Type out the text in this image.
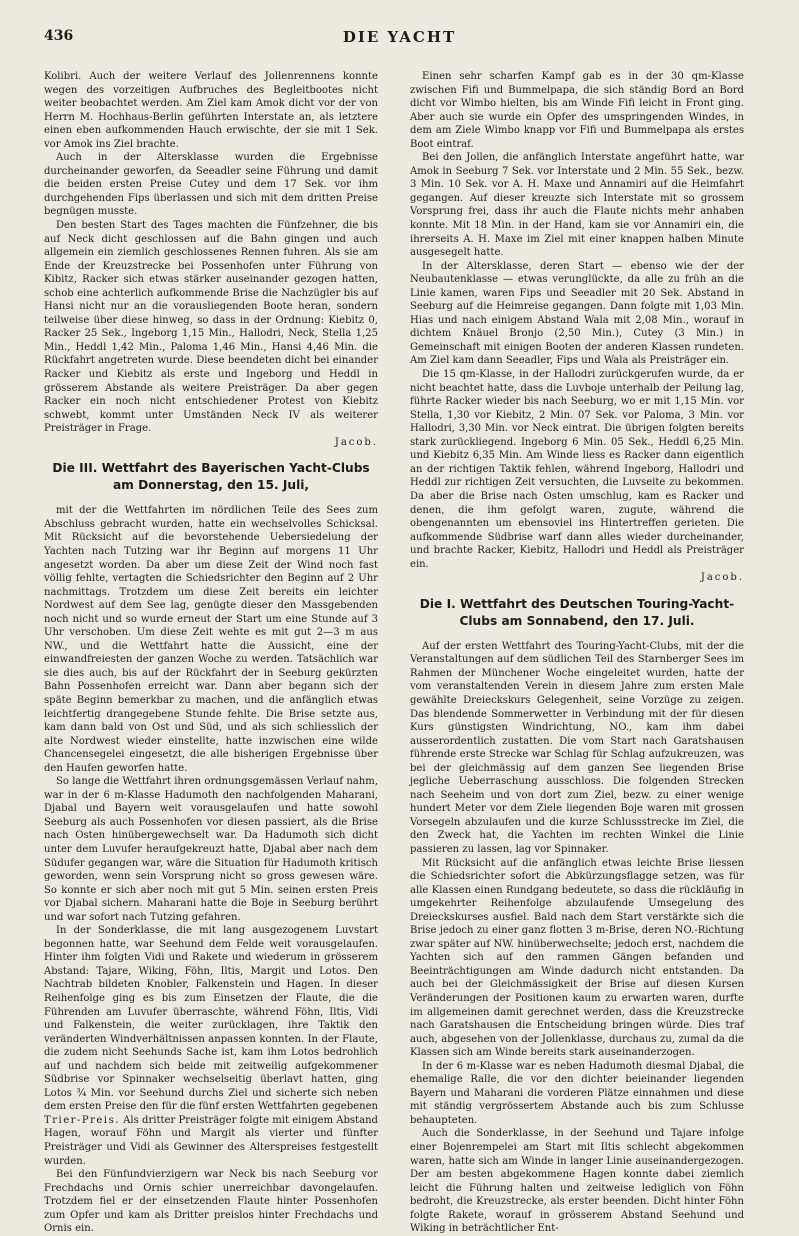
436	DIE YACHT

Kolibri. Auch der weitere Verlauf des Jollenrennens konnte wegen des vorzeitigen Aufbruches des Begleitbootes nicht weiter beobachtet werden. Am Ziel kam Amok dicht vor der von Herrn M. Hochhaus-Berlin geführten Interstate an, als letztere einen eben aufkommenden Hauch erwischte, der sie mit 1 Sek. vor Amok ins Ziel brachte.

Auch in der Altersklasse wurden die Ergebnisse durcheinander geworfen, da Seeadler seine Führung und damit die beiden ersten Preise Cutey und dem 17 Sek. vor ihm durchgehenden Fips überlassen und sich mit dem dritten Preise begnügen musste.

Den besten Start des Tages machten die Fünfzehner, die bis auf Neck dicht geschlossen auf die Bahn gingen und auch allgemein ein ziemlich geschlossenes Rennen fuhren. Als sie am Ende der Kreuzstrecke bei Possenhofen unter Führung von Kibitz, Racker sich etwas stärker auseinander gezogen hatten, schob eine achterlich aufkommende Brise die Nachzügler bis auf Hansi nicht nur an die vorausliegenden Boote heran, sondern teilweise über diese hinweg, so dass in der Ordnung: Kiebitz 0, Racker 25 Sek., Ingeborg 1,15 Min., Hallodri, Neck, Stella 1,25 Min., Heddl 1,42 Min., Paloma 1,46 Min., Hansi 4,46 Min. die Rückfahrt angetreten wurde. Diese beendeten dicht bei einander Racker und Kiebitz als erste und Ingeborg und Heddl in grösserem Abstande als weitere Preisträger. Da aber gegen Racker ein noch nicht entschiedener Protest von Kiebitz schwebt, kommt unter Umständen Neck IV als weiterer Preisträger in Frage.

Jacob.
Die III. Wettfahrt des Bayerischen Yacht-Clubs am Donnerstag, den 15. Juli,

mit der die Wettfahrten im nördlichen Teile des Sees zum Abschluss gebracht wurden, hatte ein wechselvolles Schicksal. Mit Rücksicht auf die bevorstehende Uebersiedelung der Yachten nach Tutzing war ihr Beginn auf morgens 11 Uhr angesetzt worden. Da aber um diese Zeit der Wind noch fast völlig fehlte, vertagten die Schiedsrichter den Beginn auf 2 Uhr nachmittags. Trotzdem um diese Zeit bereits ein leichter Nordwest auf dem See lag, genügte dieser den Massgebenden noch nicht und so wurde erneut der Start um eine Stunde auf 3 Uhr verschoben. Um diese Zeit wehte es mit gut 2—3 m aus NW., und die Wettfahrt hatte die Aussicht, eine der einwandfreiesten der ganzen Woche zu werden. Tatsächlich war sie dies auch, bis auf der Rückfahrt der in Seeburg gekürzten Bahn Possenhofen erreicht war. Dann aber begann sich der späte Beginn bemerkbar zu machen, und die anfänglich etwas leichtfertig drangegebene Stunde fehlte. Die Brise setzte aus, kam dann bald von Ost und Süd, und als sich schliesslich der alte Nordwest wieder einstellte, hatte inzwischen eine wilde Chancensegelei eingesetzt, die alle bisherigen Ergebnisse über den Haufen geworfen hatte.

So lange die Wettfahrt ihren ordnungsgemässen Verlauf nahm, war in der 6 m-Klasse Hadumoth den nachfolgenden Maharani, Djabal und Bayern weit vorausgelaufen und hatte sowohl Seeburg als auch Possenhofen vor diesen passiert, als die Brise nach Osten hinübergewechselt war. Da Hadumoth sich dicht unter dem Luvufer heraufgekreuzt hatte, Djabal aber nach dem Südufer gegangen war, wäre die Situation für Hadumoth kritisch geworden, wenn sein Vorsprung nicht so gross gewesen wäre. So konnte er sich aber noch mit gut 5 Min. seinen ersten Preis vor Djabal sichern. Maharani hatte die Boje in Seeburg berührt und war sofort nach Tutzing gefahren.

In der Sonderklasse, die mit lang ausgezogenem Luvstart begonnen hatte, war Seehund dem Felde weit vorausgelaufen. Hinter ihm folgten Vidi und Rakete und wiederum in grösserem Abstand: Tajare, Wiking, Föhn, Iltis, Margit und Lotos. Den Nachtrab bildeten Knobler, Falkenstein und Hagen. In dieser Reihenfolge ging es bis zum Einsetzen der Flaute, die die Führenden am Luvufer überraschte, während Föhn, Iltis, Vidi und Falkenstein, die weiter zurücklagen, ihre Taktik den veränderten Windverhältnissen anpassen konnten. In der Flaute, die zudem nicht Seehunds Sache ist, kam ihm Lotos bedrohlich auf und nachdem sich beide mit zeitweilig aufgekommener Südbrise vor Spinnaker wechselseitig überlavt hatten, ging Lotos ¾ Min. vor Seehund durchs Ziel und sicherte sich neben dem ersten Preise den für die fünf ersten Wettfahrten gegebenen Trier-Preis. Als dritter Preisträger folgte mit einigem Abstand Hagen, worauf Föhn und Margit als vierter und fünfter Preisträger und Vidi als Gewinner des Alterspreises festgestellt wurden.

Bei den Fünfundvierzigern war Neck bis nach Seeburg vor Frechdachs und Ornis schier unerreichbar davongelaufen. Trotzdem fiel er der einsetzenden Flaute hinter Possenhofen zum Opfer und kam als Dritter preislos hinter Frechdachs und Ornis ein.

Einen sehr scharfen Kampf gab es in der 30 qm-Klasse zwischen Fifi und Bummelpapa, die sich ständig Bord an Bord dicht vor Wimbo hielten, bis am Winde Fifi leicht in Front ging. Aber auch sie wurde ein Opfer des umspringenden Windes, in dem am Ziele Wimbo knapp vor Fifi und Bummelpapa als erstes Boot eintraf.

Bei den Jollen, die anfänglich Interstate angeführt hatte, war Amok in Seeburg 7 Sek. vor Interstate und 2 Min. 55 Sek., bezw. 3 Min. 10 Sek. vor A. H. Maxe und Annamiri auf die Heimfahrt gegangen. Auf dieser kreuzte sich Interstate mit so grossem Vorsprung frei, dass ihr auch die Flaute nichts mehr anhaben konnte. Mit 18 Min. in der Hand, kam sie vor Annamiri ein, die ihrerseits A. H. Maxe im Ziel mit einer knappen halben Minute ausgesegelt hatte.

In der Altersklasse, deren Start — ebenso wie der der Neubautenklasse — etwas verunglückte, da alle zu früh an die Linie kamen, waren Fips und Seeadler mit 20 Sek. Abstand in Seeburg auf die Heimreise gegangen. Dann folgte mit 1,03 Min. Hias und nach einigem Abstand Wala mit 2,08 Min., worauf in dichtem Knäuel Bronjo (2,50 Min.), Cutey (3 Min.) in Gemeinschaft mit einigen Booten der anderen Klassen rundeten. Am Ziel kam dann Seeadler, Fips und Wala als Preisträger ein.

Die 15 qm-Klasse, in der Hallodri zurückgerufen wurde, da er nicht beachtet hatte, dass die Luvboje unterhalb der Peilung lag, führte Racker wieder bis nach Seeburg, wo er mit 1,15 Min. vor Stella, 1,30 vor Kiebitz, 2 Min. 07 Sek. vor Paloma, 3 Min. vor Hallodri, 3,30 Min. vor Neck eintrat. Die übrigen folgten bereits stark zurückliegend. Ingeborg 6 Min. 05 Sek., Heddl 6,25 Min. und Kiebitz 6,35 Min. Am Winde liess es Racker dann eigentlich an der richtigen Taktik fehlen, während Ingeborg, Hallodri und Heddl zur richtigen Zeit versuchten, die Luvseite zu bekommen. Da aber die Brise nach Osten umschlug, kam es Racker und denen, die ihm gefolgt waren, zugute, während die obengenannten um ebensoviel ins Hintertreffen gerieten. Die aufkommende Südbrise warf dann alles wieder durcheinander, und brachte Racker, Kiebitz, Hallodri und Heddl als Preisträger ein.

Jacob.
Die I. Wettfahrt des Deutschen Touring-Yacht-Clubs am Sonnabend, den 17. Juli.

Auf der ersten Wettfahrt des Touring-Yacht-Clubs, mit der die Veranstaltungen auf dem südlichen Teil des Starnberger Sees im Rahmen der Münchener Woche eingeleitet wurden, hatte der vom veranstaltenden Verein in diesem Jahre zum ersten Male gewählte Dreieckskurs Gelegenheit, seine Vorzüge zu zeigen. Das blendende Sommerwetter in Verbindung mit der für diesen Kurs günstigsten Windrichtung, NO., kam ihm dabei ausserordentlich zustatten. Die vom Start nach Garatshausen führende erste Strecke war Schlag für Schlag aufzukreuzen, was bei der gleichmässig auf dem ganzen See liegenden Brise jegliche Ueberraschung ausschloss. Die folgenden Strecken nach Seeheim und von dort zum Ziel, bezw. zu einer wenige hundert Meter vor dem Ziele liegenden Boje waren mit grossen Vorsegeln abzulaufen und die kurze Schlussstrecke im Ziel, die den Zweck hat, die Yachten im rechten Winkel die Linie passieren zu lassen, lag vor Spinnaker.

Mit Rücksicht auf die anfänglich etwas leichte Brise liessen die Schiedsrichter sofort die Abkürzungsflagge setzen, was für alle Klassen einen Rundgang bedeutete, so dass die rückläufig in umgekehrter Reihenfolge abzulaufende Umsegelung des Dreieckskurses ausfiel. Bald nach dem Start verstärkte sich die Brise jedoch zu einer ganz flotten 3 m-Brise, deren NO.-Richtung zwar später auf NW. hinüberwechselte; jedoch erst, nachdem die Yachten sich auf den rammen Gängen befanden und Beeinträchtigungen am Winde dadurch nicht entstanden. Da auch bei der Gleichmässigkeit der Brise auf diesen Kursen Veränderungen der Positionen kaum zu erwarten waren, durfte im allgemeinen damit gerechnet werden, dass die Kreuzstrecke nach Garatshausen die Entscheidung bringen würde. Dies traf auch, abgesehen von der Jollenklasse, durchaus zu, zumal da die Klassen sich am Winde bereits stark auseinanderzogen.

In der 6 m-Klasse war es neben Hadumoth diesmal Djabal, die ehemalige Ralle, die vor den dichter beieinander liegenden Bayern und Maharani die vorderen Plätze einnahmen und diese mit ständig vergrössertem Abstande auch bis zum Schlusse behaupteten.

Auch die Sonderklasse, in der Seehund und Tajare infolge einer Bojenrempelei am Start mit Iltis schlecht abgekommen waren, hatte sich am Winde in langer Linie auseinandergezogen. Der am besten abgekommene Hagen konnte dabei ziemlich leicht die Führung halten und zeitweise lediglich von Föhn bedroht, die Kreuzstrecke, als erster beenden. Dicht hinter Föhn folgte Rakete, worauf in grösserem Abstand Seehund und Wiking in beträchtlicher Ent-
